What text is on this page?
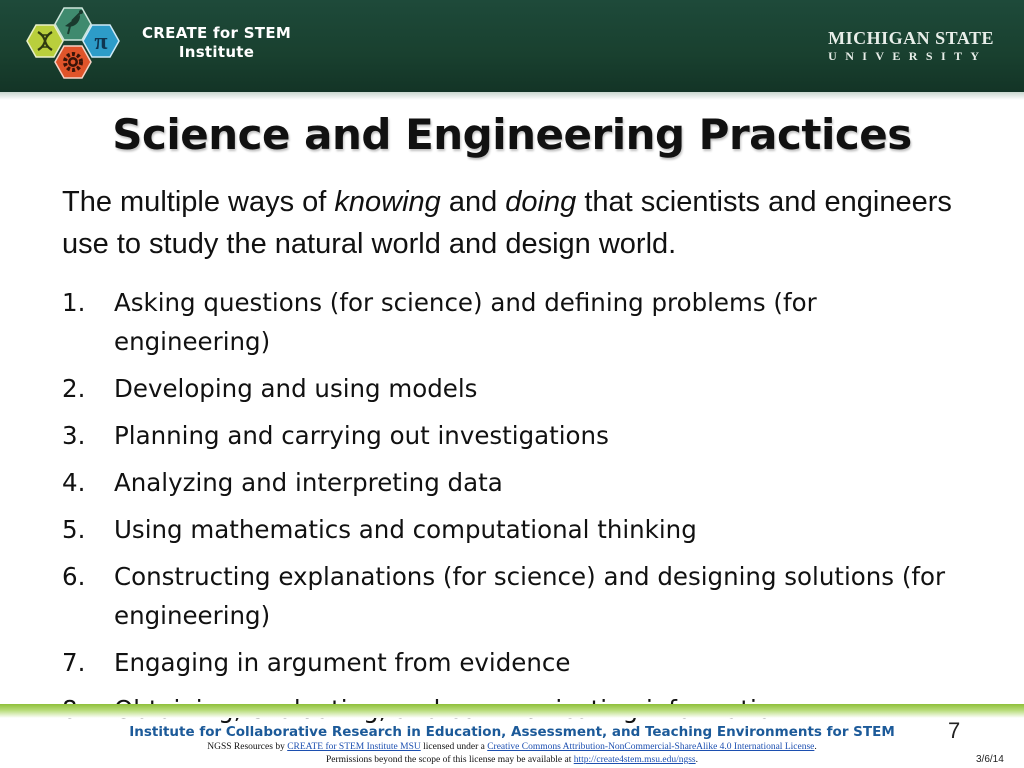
π CREATE for STEM
Institute
MICHIGAN STATE
UNIVERSITY
Science and Engineering Practices
The multiple ways of knowing and doing that scientists and engineers use to study the natural world and design world.
1. Asking questions (for science) and defining problems (for engineering)
2. Developing and using models
3. Planning and carrying out investigations
4. Analyzing and interpreting data
5. Using mathematics and computational thinking
6. Constructing explanations (for science) and designing solutions (for engineering)
7. Engaging in argument from evidence
Institute for Collaborative Research in Education, Assessment, and Teaching Environments for STEM	7
NGSS Resources by CREATE for STEM Institute MSU licensed under a Creative Commons Attribution-NonCommercial-ShareAlike 4.0 International License.
Permissions beyond the scope of this license may be available at http://create4stem.msu.edu/ngss.	3/6/14
